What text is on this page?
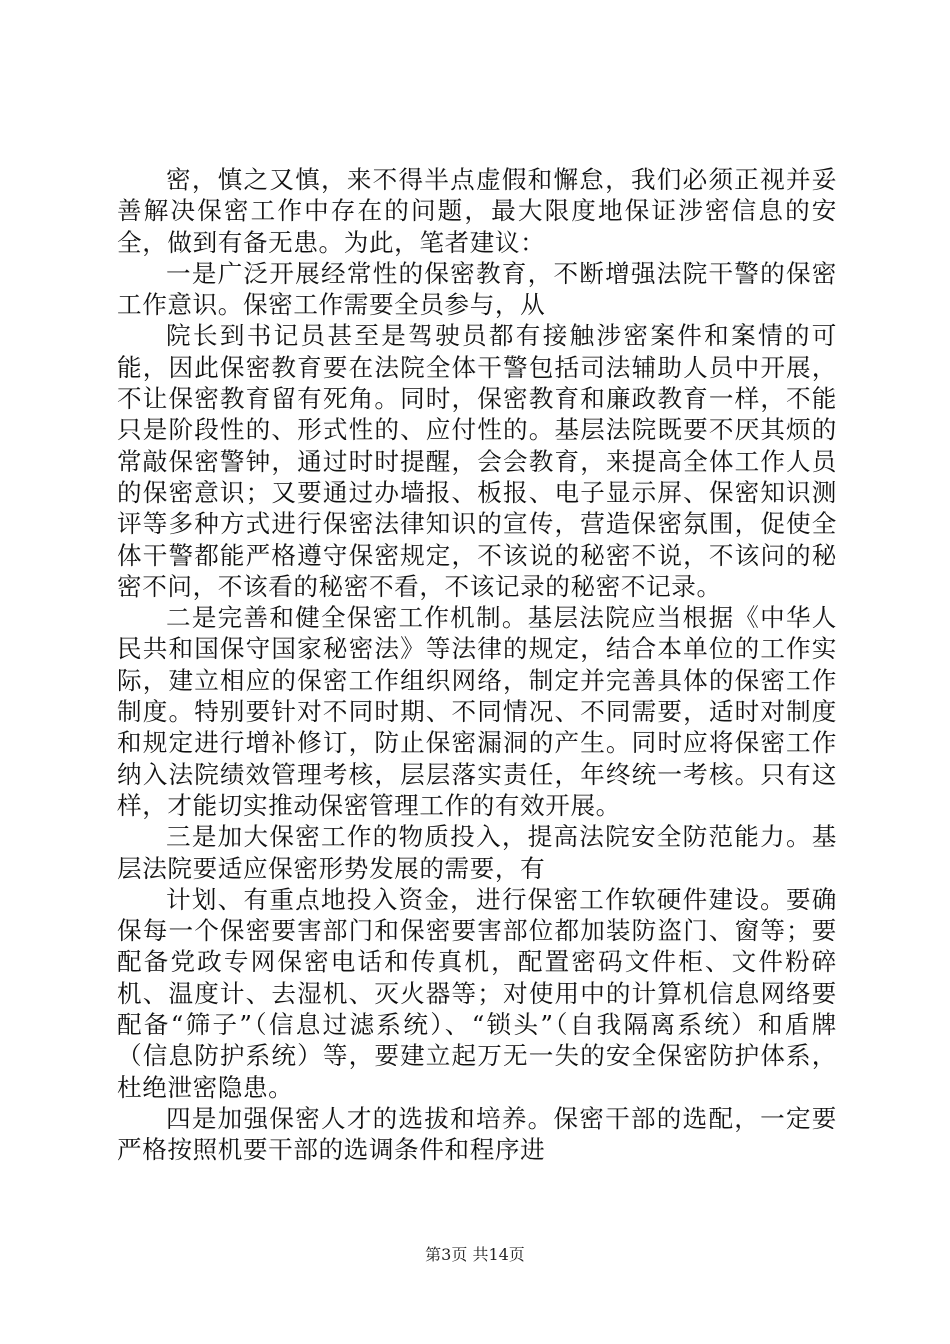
密，慎之又慎，来不得半点虚假和懈怠，我们必须正视并妥善解决保密工作中存在的问题，最大限度地保证涉密信息的安全，做到有备无患。为此，笔者建议：

一是广泛开展经常性的保密教育，不断增强法院干警的保密工作意识。保密工作需要全员参与，从

院长到书记员甚至是驾驶员都有接触涉密案件和案情的可能，因此保密教育要在法院全体干警包括司法辅助人员中开展，不让保密教育留有死角。同时，保密教育和廉政教育一样，不能只是阶段性的、形式性的、应付性的。基层法院既要不厌其烦的常敲保密警钟，通过时时提醒，会会教育，来提高全体工作人员的保密意识；又要通过办墙报、板报、电子显示屏、保密知识测评等多种方式进行保密法律知识的宣传，营造保密氛围，促使全体干警都能严格遵守保密规定，不该说的秘密不说，不该问的秘密不问，不该看的秘密不看，不该记录的秘密不记录。

二是完善和健全保密工作机制。基层法院应当根据《中华人民共和国保守国家秘密法》等法律的规定，结合本单位的工作实际，建立相应的保密工作组织网络，制定并完善具体的保密工作制度。特别要针对不同时期、不同情况、不同需要，适时对制度和规定进行增补修订，防止保密漏洞的产生。同时应将保密工作纳入法院绩效管理考核，层层落实责任，年终统一考核。只有这样，才能切实推动保密管理工作的有效开展。

三是加大保密工作的物质投入，提高法院安全防范能力。基层法院要适应保密形势发展的需要，有

计划、有重点地投入资金，进行保密工作软硬件建设。要确保每一个保密要害部门和保密要害部位都加装防盗门、窗等；要配备党政专网保密电话和传真机，配置密码文件柜、文件粉碎机、温度计、去湿机、灭火器等；对使用中的计算机信息网络要配备“筛子”（信息过滤系统）、“锁头”（自我隔离系统）和盾牌（信息防护系统）等，要建立起万无一失的安全保密防护体系，杜绝泄密隐患。

四是加强保密人才的选拔和培养。保密干部的选配，一定要严格按照机要干部的选调条件和程序进

第3页 共14页
